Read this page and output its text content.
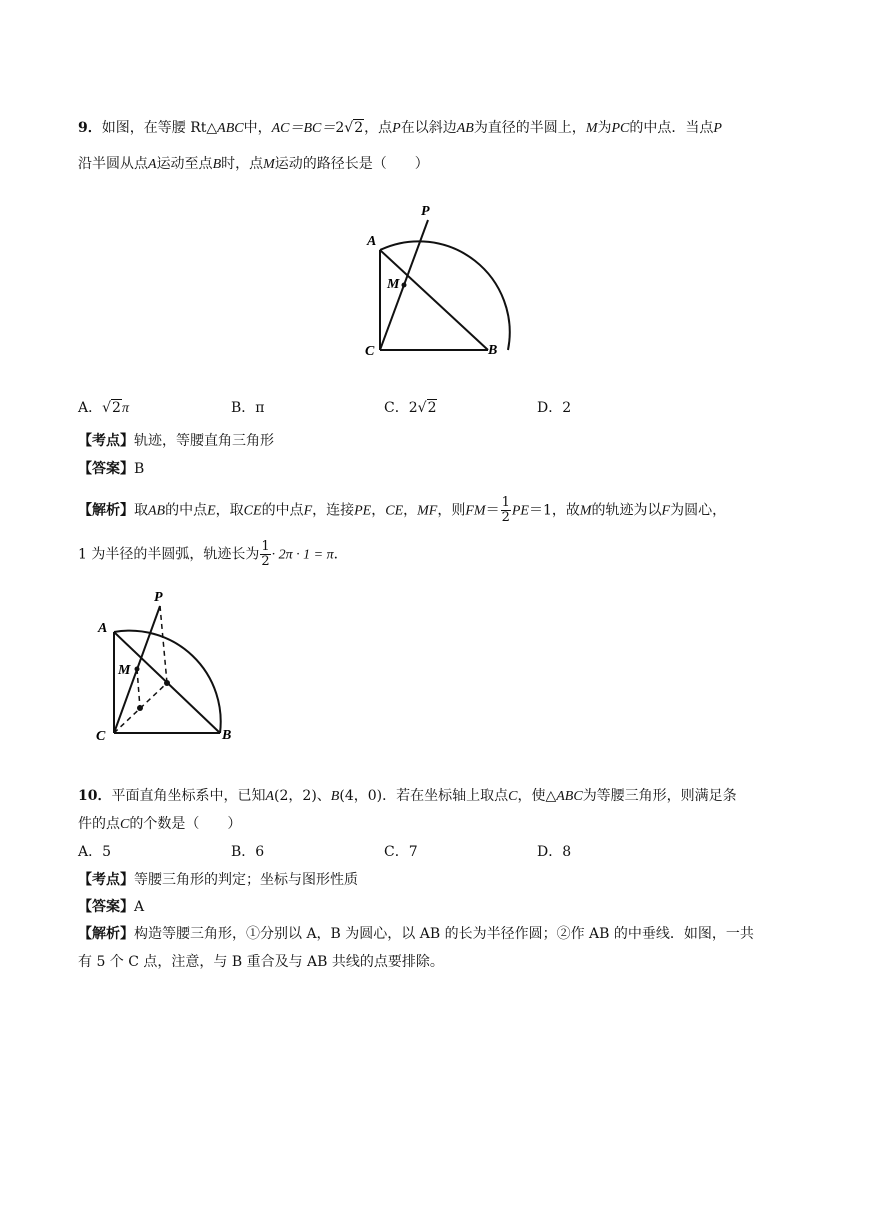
9．如图，在等腰 Rt△ABC中，AC＝BC＝2√2，点P在以斜边AB为直径的半圆上，M为PC的中点．当点P
沿半圆从点A运动至点B时，点M运动的路径长是（　　）
A
P
M
C	B
A．√2π	B．π	C．2√2	D．2
【考点】轨迹，等腰直角三角形
【答案】B
【解析】取AB的中点E，取CE的中点F，连接PE，CE，MF，则$FM= \frac{1}{2} PE=1$，故M的轨迹为以F为圆心，
1 为半径的半圆弧，轨迹长为 $\frac{1}{2} \cdot 2\pi \cdot 1 = \pi$．
A
P
M
C	B
10．平面直角坐标系中，已知A(2，2)、B(4，0)．若在坐标轴上取点C，使△ABC为等腰三角形，则满足条
件的点C的个数是（　　）
A．5	B．6	C．7	D．8
【考点】等腰三角形的判定；坐标与图形性质
【答案】A
【解析】构造等腰三角形，①分别以 A，B 为圆心，以 AB 的长为半径作圆；②作 AB 的中垂线．如图，一共
有 5 个 C 点，注意，与 B 重合及与 AB 共线的点要排除。
